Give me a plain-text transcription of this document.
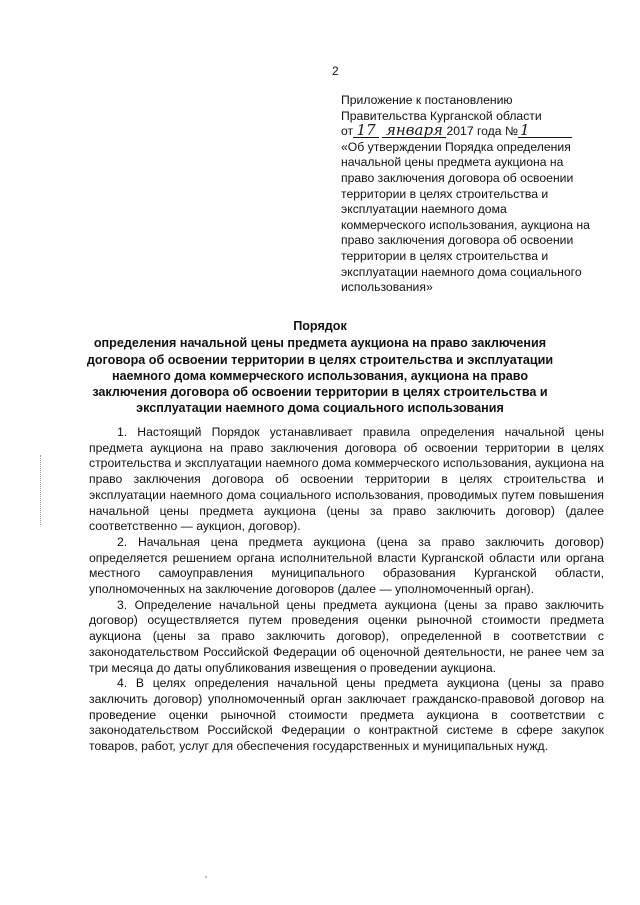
2
Приложение к постановлению
Правительства Курганской области
от 17 января 2017 года № 1
«Об утверждении Порядка определения
начальной цены предмета аукциона на
право заключения договора об освоении
территории в целях строительства и
эксплуатации наемного дома
коммерческого использования, аукциона на
право заключения договора об освоении
территории в целях строительства и
эксплуатации наемного дома социального
использования»
Порядок
определения начальной цены предмета аукциона на право заключения
договора об освоении территории в целях строительства и эксплуатации
наемного дома коммерческого использования, аукциона на право
заключения договора об освоении территории в целях строительства и
эксплуатации наемного дома социального использования

1. Настоящий Порядок устанавливает правила определения начальной цены предмета аукциона на право заключения договора об освоении территории в целях строительства и эксплуатации наемного дома коммерческого использования, аукциона на право заключения договора об освоении территории в целях строительства и эксплуатации наемного дома социального использования, проводимых путем повышения начальной цены предмета аукциона (цены за право заключить договор) (далее соответственно — аукцион, договор).

2. Начальная цена предмета аукциона (цена за право заключить договор) определяется решением органа исполнительной власти Курганской области или органа местного самоуправления муниципального образования Курганской области, уполномоченных на заключение договоров (далее — уполномоченный орган).

3. Определение начальной цены предмета аукциона (цены за право заключить договор) осуществляется путем проведения оценки рыночной стоимости предмета аукциона (цены за право заключить договор), определенной в соответствии с законодательством Российской Федерации об оценочной деятельности, не ранее чем за три месяца до даты опубликования извещения о проведении аукциона.

4. В целях определения начальной цены предмета аукциона (цены за право заключить договор) уполномоченный орган заключает гражданско-правовой договор на проведение оценки рыночной стоимости предмета аукциона в соответствии с законодательством Российской Федерации о контрактной системе в сфере закупок товаров, работ, услуг для обеспечения государственных и муниципальных нужд.
